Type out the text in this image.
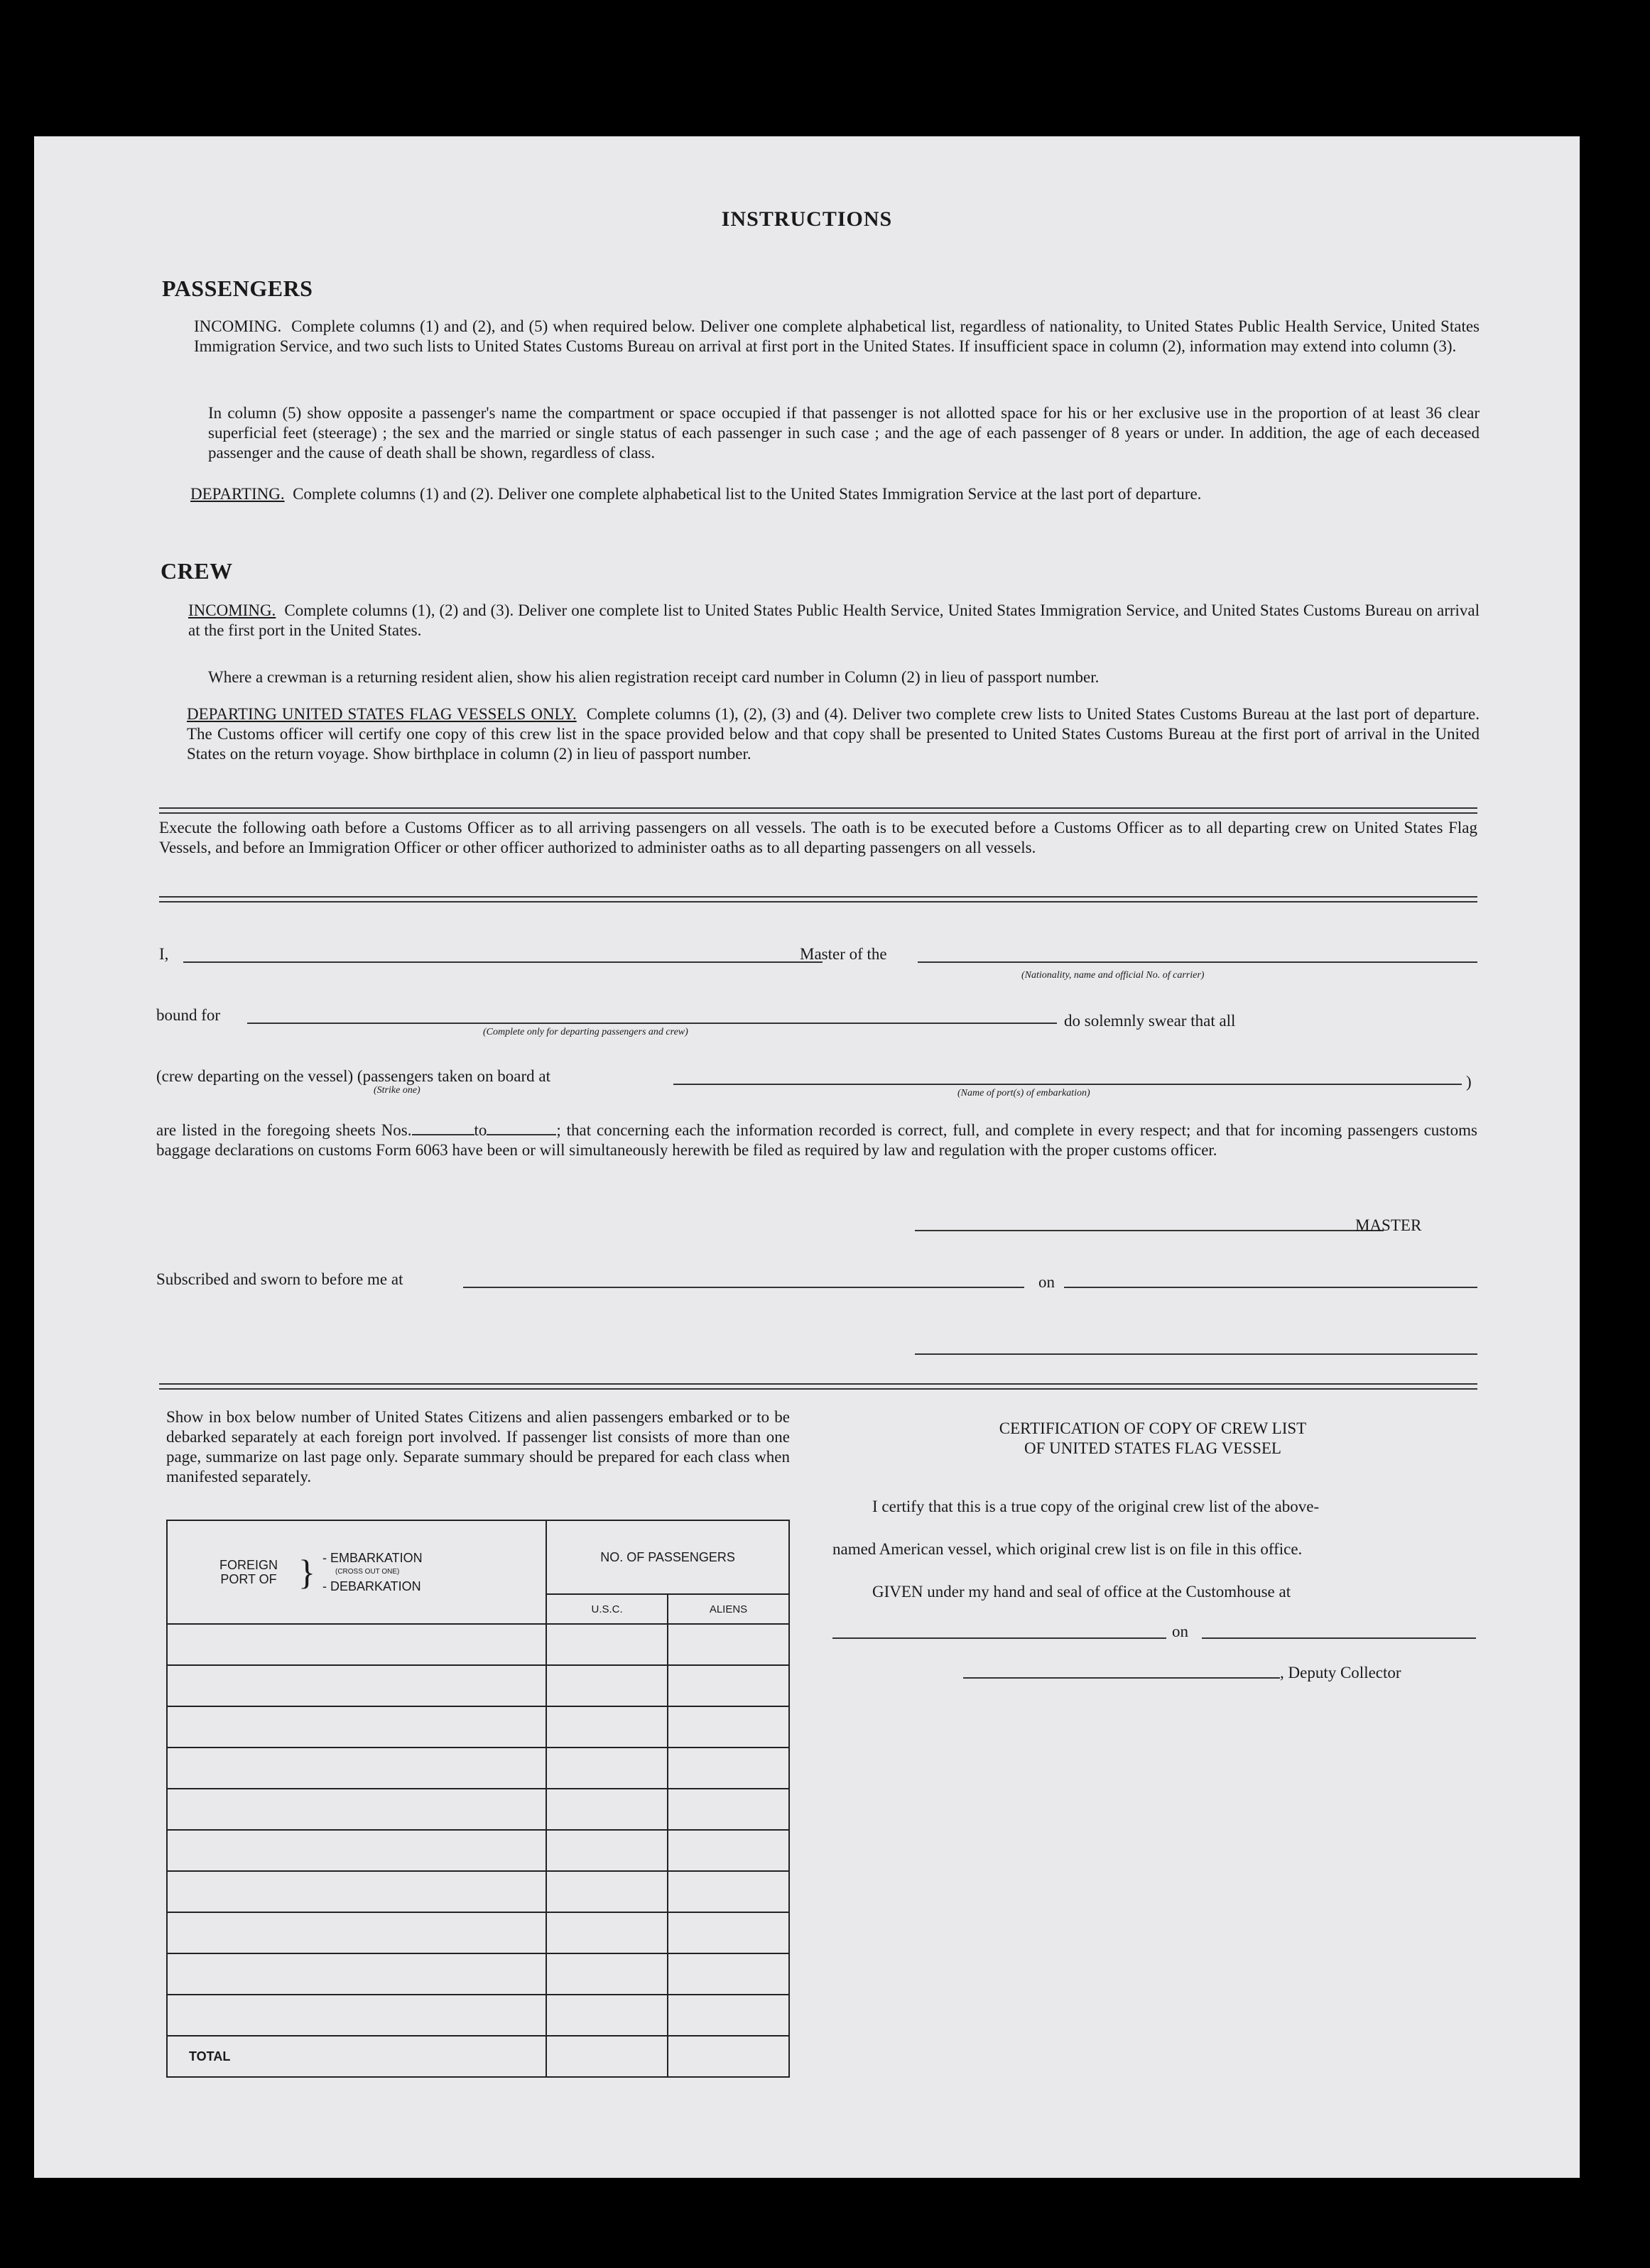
INSTRUCTIONS
PASSENGERS
INCOMING. Complete columns (1) and (2), and (5) when required below. Deliver one complete alphabetical list, regardless of nationality, to United States Public Health Service, United States Immigration Service, and two such lists to United States Customs Bureau on arrival at first port in the United States. If insufficient space in column (2), information may extend into column (3).
In column (5) show opposite a passenger's name the compartment or space occupied if that passenger is not allotted space for his or her exclusive use in the proportion of at least 36 clear superficial feet (steerage) ; the sex and the married or single status of each passenger in such case ; and the age of each passenger of 8 years or under. In addition, the age of each deceased passenger and the cause of death shall be shown, regardless of class.
DEPARTING. Complete columns (1) and (2). Deliver one complete alphabetical list to the United States Immigration Service at the last port of departure.
CREW
INCOMING. Complete columns (1), (2) and (3). Deliver one complete list to United States Public Health Service, United States Immigration Service, and United States Customs Bureau on arrival at the first port in the United States.
Where a crewman is a returning resident alien, show his alien registration receipt card number in Column (2) in lieu of passport number.
DEPARTING UNITED STATES FLAG VESSELS ONLY. Complete columns (1), (2), (3) and (4). Deliver two complete crew lists to United States Customs Bureau at the last port of departure. The Customs officer will certify one copy of this crew list in the space provided below and that copy shall be presented to United States Customs Bureau at the first port of arrival in the United States on the return voyage. Show birthplace in column (2) in lieu of passport number.
Execute the following oath before a Customs Officer as to all arriving passengers on all vessels. The oath is to be executed before a Customs Officer as to all departing crew on United States Flag Vessels, and before an Immigration Officer or other officer authorized to administer oaths as to all departing passengers on all vessels.
I,	Master of the
(Nationality, name and official No. of carrier)
bound for	do solemnly swear that all
(Complete only for departing passengers and crew)
(crew departing on the vessel) (passengers taken on board at	)
(Strike one)	(Name of port(s) of embarkation)
are listed in the foregoing sheets Nos.	to	; that concerning each the information recorded is correct, full, and complete in every respect; and that for incoming passengers customs baggage declarations on customs Form 6063 have been or will simultaneously herewith be filed as required by law and regulation with the proper customs officer.
MASTER
Subscribed and sworn to before me at	on
Show in box below number of United States Citizens and alien passengers embarked or to be debarked separately at each foreign port involved. If passenger list consists of more than one page, summarize on last page only. Separate summary should be prepared for each class when manifested separately.
FOREIGN PORT OF } - EMBARKATION
(CROSS OUT ONE)
- DEBARKATION	NO. OF PASSENGERS	
	U.S.C.	ALIENS

TOTAL		
CERTIFICATION OF COPY OF CREW LIST
OF UNITED STATES FLAG VESSEL
I certify that this is a true copy of the original crew list of the above-
named American vessel, which original crew list is on file in this office.
GIVEN under my hand and seal of office at the Customhouse at
on
, Deputy Collector
